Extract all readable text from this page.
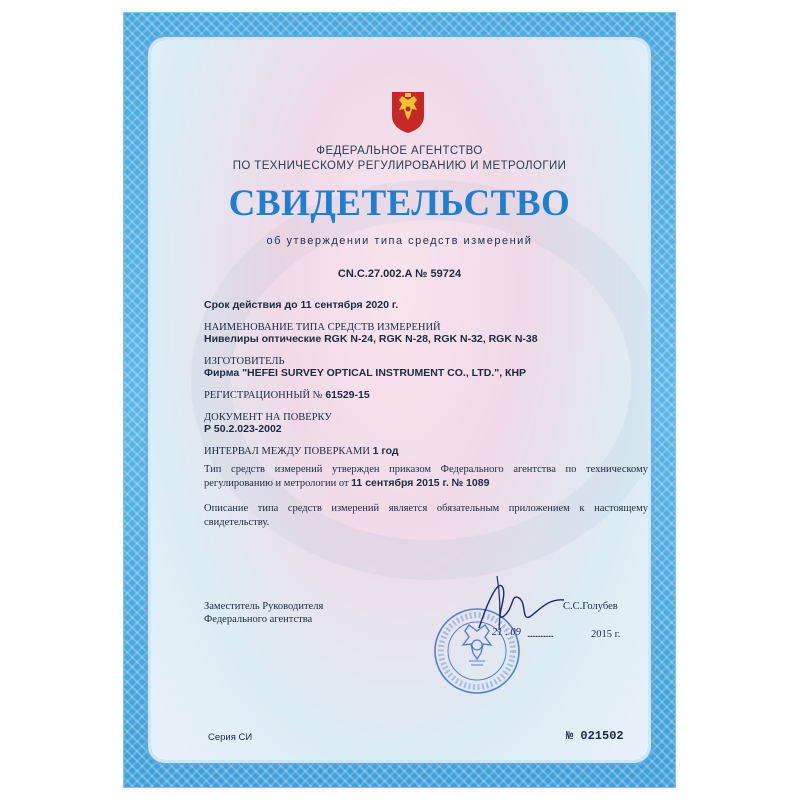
ФЕДЕРАЛЬНОЕ АГЕНТСТВО
ПО ТЕХНИЧЕСКОМУ РЕГУЛИРОВАНИЮ И МЕТРОЛОГИИ
СВИДЕТЕЛЬСТВО
об утверждении типа средств измерений
CN.C.27.002.A № 59724
Срок действия до 11 сентября 2020 г.
НАИМЕНОВАНИЕ ТИПА СРЕДСТВ ИЗМЕРЕНИЙ
Нивелиры оптические RGK N-24, RGK N-28, RGK N-32, RGK N-38
ИЗГОТОВИТЕЛЬ
Фирма "HEFEI SURVEY OPTICAL INSTRUMENT CO., LTD.", КНР
РЕГИСТРАЦИОННЫЙ № 61529-15
ДОКУМЕНТ НА ПОВЕРКУ
Р 50.2.023-2002
ИНТЕРВАЛ МЕЖДУ ПОВЕРКАМИ 1 год
Тип средств измерений утвержден приказом Федерального агентства по техническому регулированию и метрологии от 11 сентября 2015 г. № 1089
Описание типа средств измерений является обязательным приложением к настоящему свидетельству.
Заместитель Руководителя
Федерального агентства
С.С.Голубев
21 . 09 ................	2015 г.
Серия СИ	№ 021502
